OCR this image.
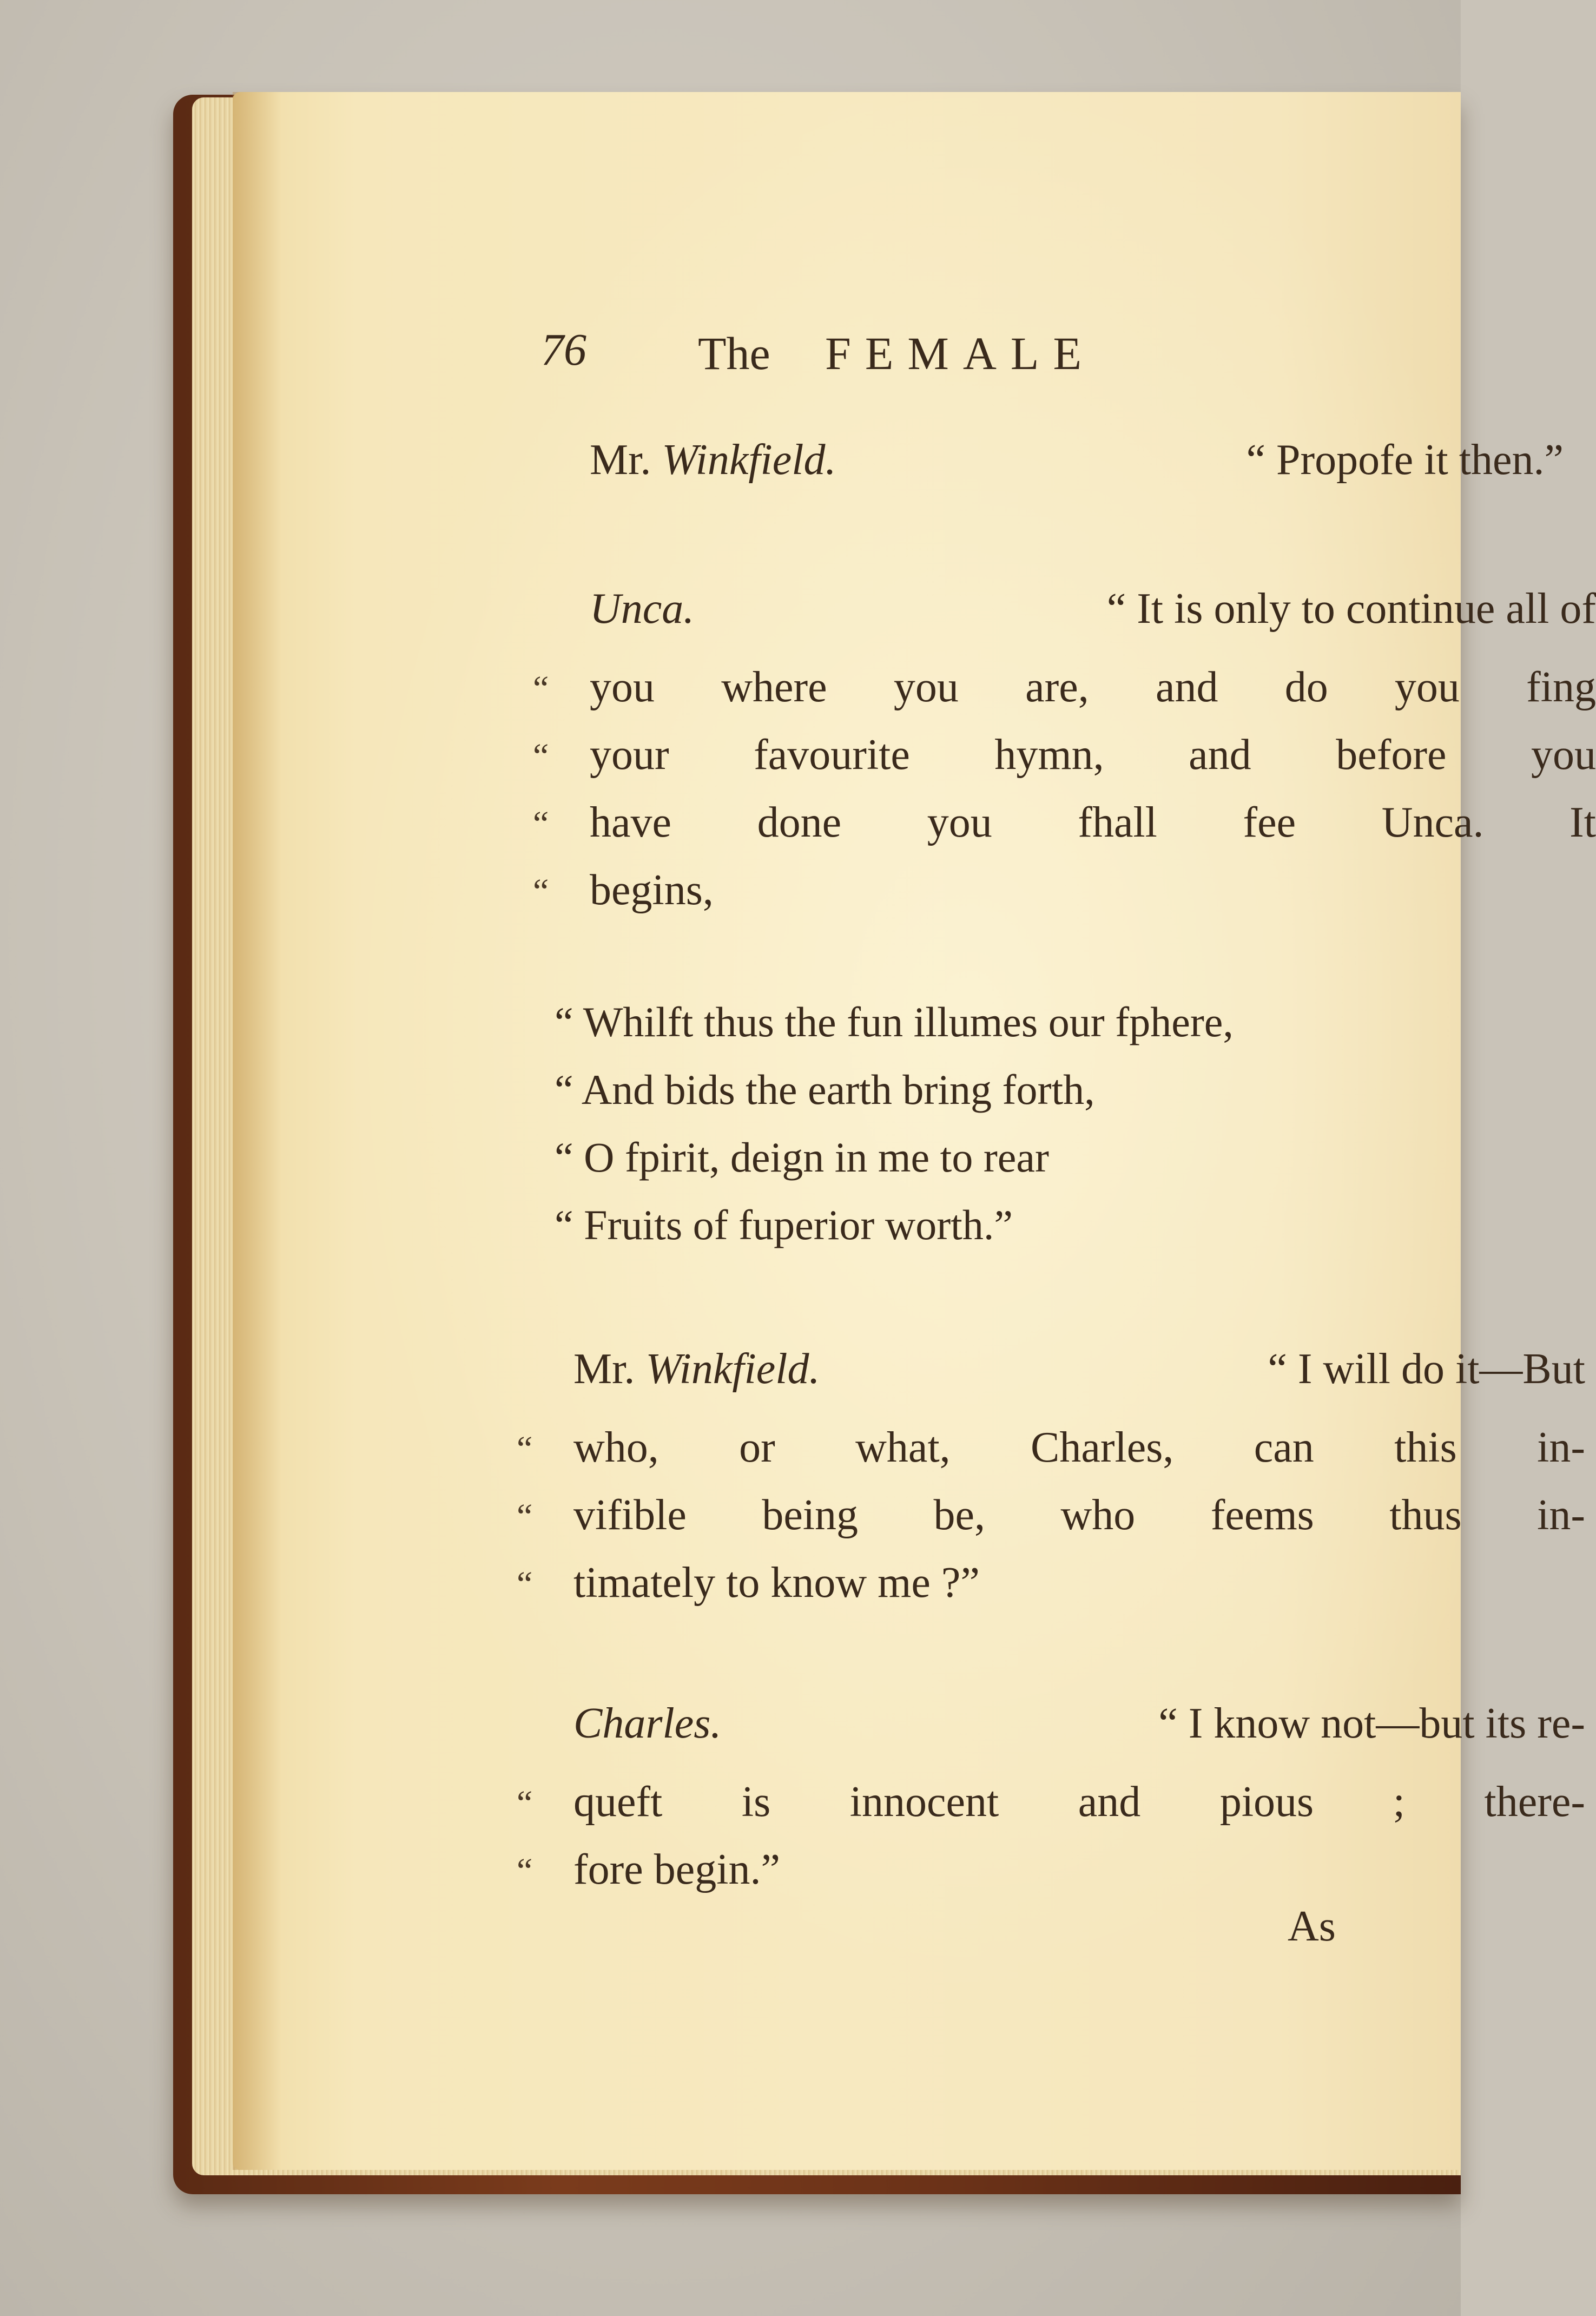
76 The FEMALE
Mr. Winkfield.	“ Propofe it then.”
Unca.	“ It is only to continue all of
“ you where you are, and do you fing
“ your favourite hymn, and before you
“ have done you fhall fee Unca. It
“ begins,
“ Whilft thus the fun illumes our fphere,
“ And bids the earth bring forth,
“ O fpirit, deign in me to rear
“ Fruits of fuperior worth.”
Mr. Winkfield.	“ I will do it—But
“ who, or what, Charles, can this in-
“ vifible being be, who feems thus in-
“ timately to know me ?”
Charles.	“ I know not—but its re-
“ queft is innocent and pious ; there-
“ fore begin.”
As
